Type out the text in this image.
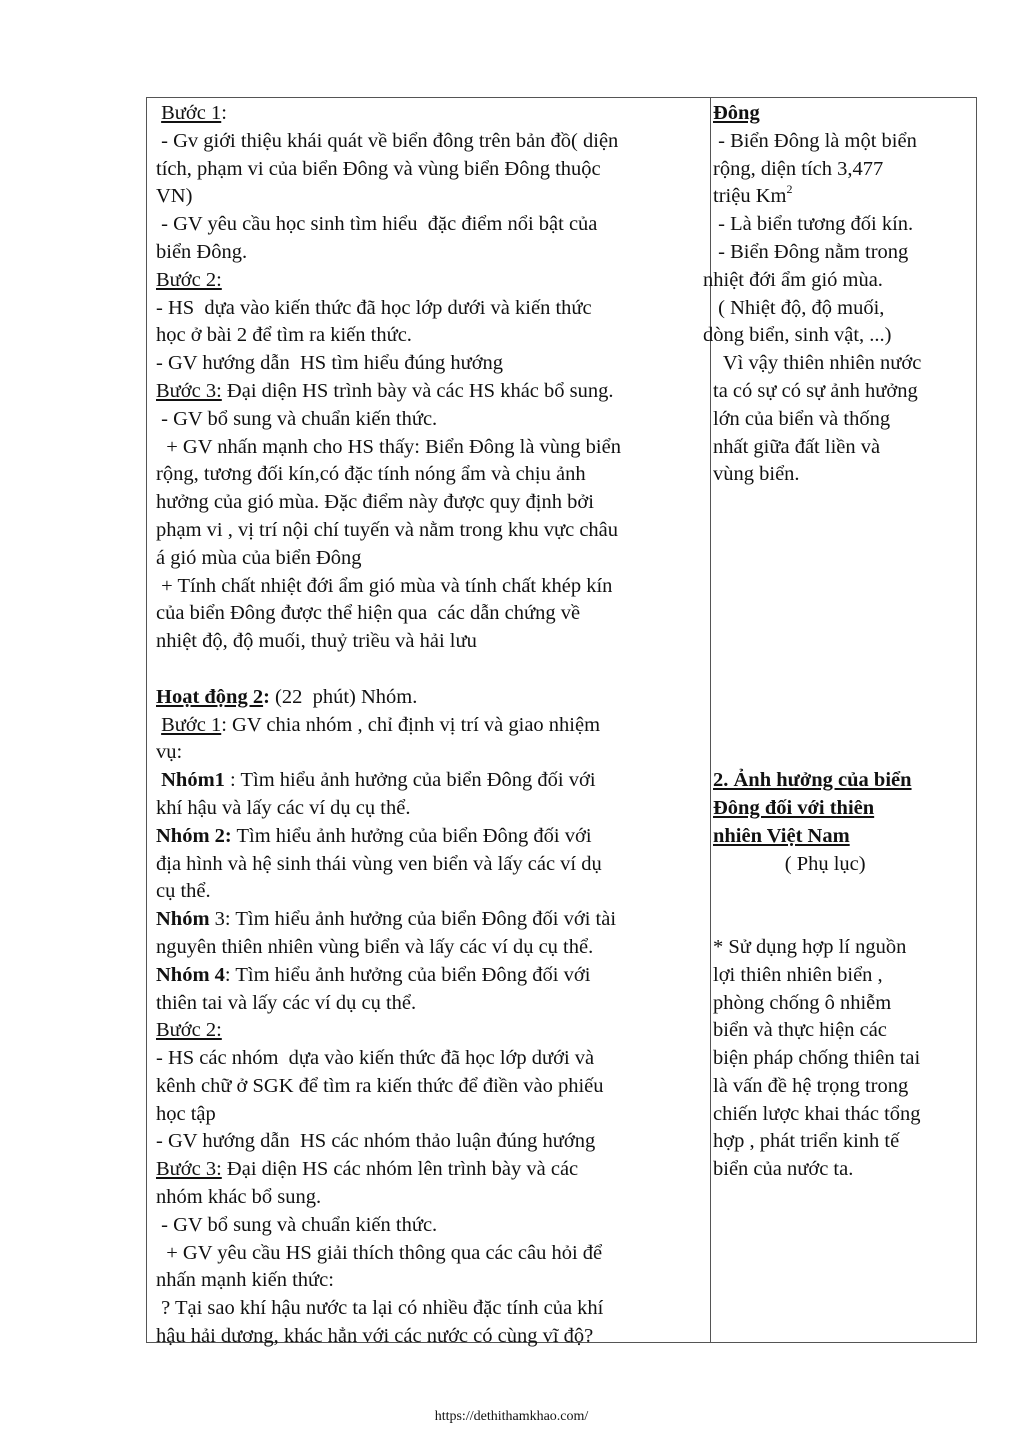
Bước 1:
- Gv giới thiệu khái quát về biển đông trên bản đồ( diện
tích, phạm vi của biển Đông và vùng biển Đông thuộc
VN)
- GV yêu cầu học sinh tìm hiểu  đặc điểm nổi bật của
biển Đông.
Bước 2:
- HS  dựa vào kiến thức đã học lớp dưới và kiến thức
học ở bài 2 để tìm ra kiến thức.
- GV hướng dẫn  HS tìm hiểu đúng hướng
Bước 3: Đại diện HS trình bày và các HS khác bổ sung.
- GV bổ sung và chuẩn kiến thức.
+ GV nhấn mạnh cho HS thấy: Biển Đông là vùng biển
rộng, tương đối kín,có đặc tính nóng ẩm và chịu ảnh
hưởng của gió mùa. Đặc điểm này được quy định bởi
phạm vi , vị trí nội chí tuyến và nằm trong khu vực châu
á gió mùa của biển Đông
+ Tính chất nhiệt đới ẩm gió mùa và tính chất khép kín
của biển Đông được thể hiện qua  các dẫn chứng về
nhiệt độ, độ muối, thuỷ triều và hải lưu
Hoạt động 2: (22  phút) Nhóm.
Bước 1: GV chia nhóm , chỉ định vị trí và giao nhiệm
vụ:
Nhóm1 : Tìm hiểu ảnh hưởng của biển Đông đối với
khí hậu và lấy các ví dụ cụ thể.
Nhóm 2: Tìm hiểu ảnh hưởng của biển Đông đối với
địa hình và hệ sinh thái vùng ven biển và lấy các ví dụ
cụ thể.
Nhóm 3: Tìm hiểu ảnh hưởng của biển Đông đối với tài
nguyên thiên nhiên vùng biển và lấy các ví dụ cụ thể.
Nhóm 4: Tìm hiểu ảnh hưởng của biển Đông đối với
thiên tai và lấy các ví dụ cụ thể.
Bước 2:
- HS các nhóm  dựa vào kiến thức đã học lớp dưới và
kênh chữ ở SGK để tìm ra kiến thức để điền vào phiếu
học tập
- GV hướng dẫn  HS các nhóm thảo luận đúng hướng
Bước 3: Đại diện HS các nhóm lên trình bày và các
nhóm khác bổ sung.
- GV bổ sung và chuẩn kiến thức.
+ GV yêu cầu HS giải thích thông qua các câu hỏi để
nhấn mạnh kiến thức:
? Tại sao khí hậu nước ta lại có nhiều đặc tính của khí
hậu hải dương, khác hẳn với các nước có cùng vĩ độ?
Đông
- Biển Đông là một biển
rộng, diện tích 3,477
triệu Km$^2$
- Là biển tương đối kín.
- Biển Đông nằm trong
nhiệt đới ẩm gió mùa.
( Nhiệt độ, độ muối,
dòng biển, sinh vật, ...)
Vì vậy thiên nhiên nước
ta có sự có sự ảnh hưởng
lớn của biển và thống
nhất giữa đất liền và
vùng biển.
2. Ảnh hưởng của biển
Đông đối với thiên
nhiên Việt Nam
( Phụ lục)
* Sử dụng hợp lí nguồn
lợi thiên nhiên biển ,
phòng chống ô nhiễm
biển và thực hiện các
biện pháp chống thiên tai
là vấn đề hệ trọng trong
chiến lược khai thác tổng
hợp , phát triển kinh tế
biển của nước ta.
https://dethithamkhao.com/
